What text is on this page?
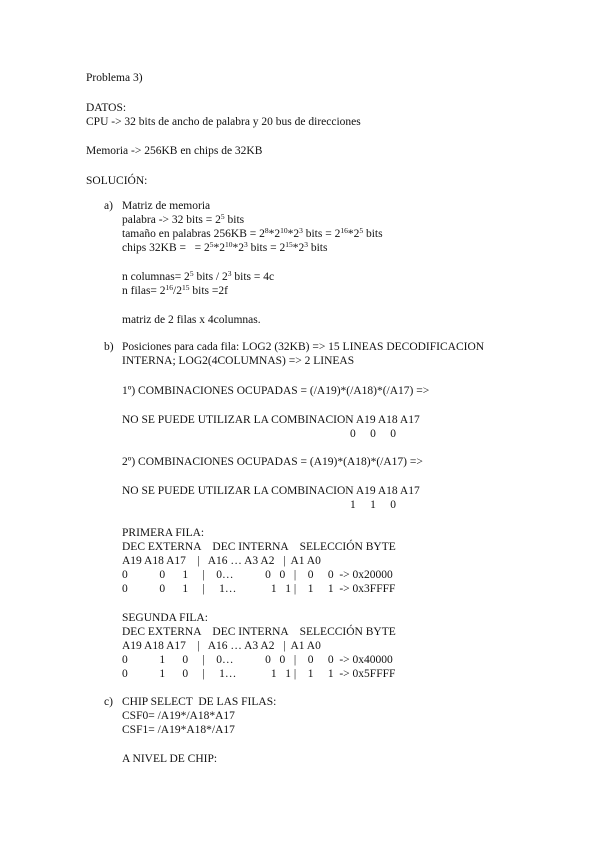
Problema 3)
DATOS:
CPU -> 32 bits de ancho de palabra y 20 bus de direcciones
Memoria -> 256KB en chips de 32KB
SOLUCIÓN:
a) Matriz de memoria
palabra -> 32 bits = $2^5$ bits
tamaño en palabras $256KB = 2^8*2^{10}*2^3$ bits = $2^{16}*2^5$ bits
chips 32KB =   = $2^5*2^{10}*2^3$ bits = $2^{15}*2^3$ bits
n columnas= $2^5$ bits / $2^3$ bits = 4c
n filas= $2^{16}/2^{15}$ bits =2f
matriz de 2 filas x 4columnas.
b) Posiciones para cada fila: LOG2 (32KB) => 15 LINEAS DECODIFICACION
INTERNA; LOG2(4COLUMNAS) => 2 LINEAS
1º) COMBINACIONES OCUPADAS = (/A19)*(/A18)*(/A17) =>
NO SE PUEDE UTILIZAR LA COMBINACION A19 A18 A17
0     0     0
2º) COMBINACIONES OCUPADAS = (A19)*(A18)*(/A17) =>
NO SE PUEDE UTILIZAR LA COMBINACION A19 A18 A17
1     1     0
PRIMERA FILA:
DEC EXTERNA    DEC INTERNA    SELECCIÓN BYTE
A19 A18 A17    |   A16 … A3 A2   |  A1 A0
0           0      1     |    0…           0   0   |    0     0  -> 0x20000
0           0      1     |     1…            1   1 |    1     1  -> 0x3FFFF
SEGUNDA FILA:
DEC EXTERNA    DEC INTERNA    SELECCIÓN BYTE
A19 A18 A17    |   A16 … A3 A2   |  A1 A0
0           1      0     |    0…           0   0   |    0     0  -> 0x40000
0           1      0     |     1…            1   1 |    1     1  -> 0x5FFFF
c) CHIP SELECT  DE LAS FILAS:
CSF0= /A19*/A18*A17
CSF1= /A19*A18*/A17
A NIVEL DE CHIP:
